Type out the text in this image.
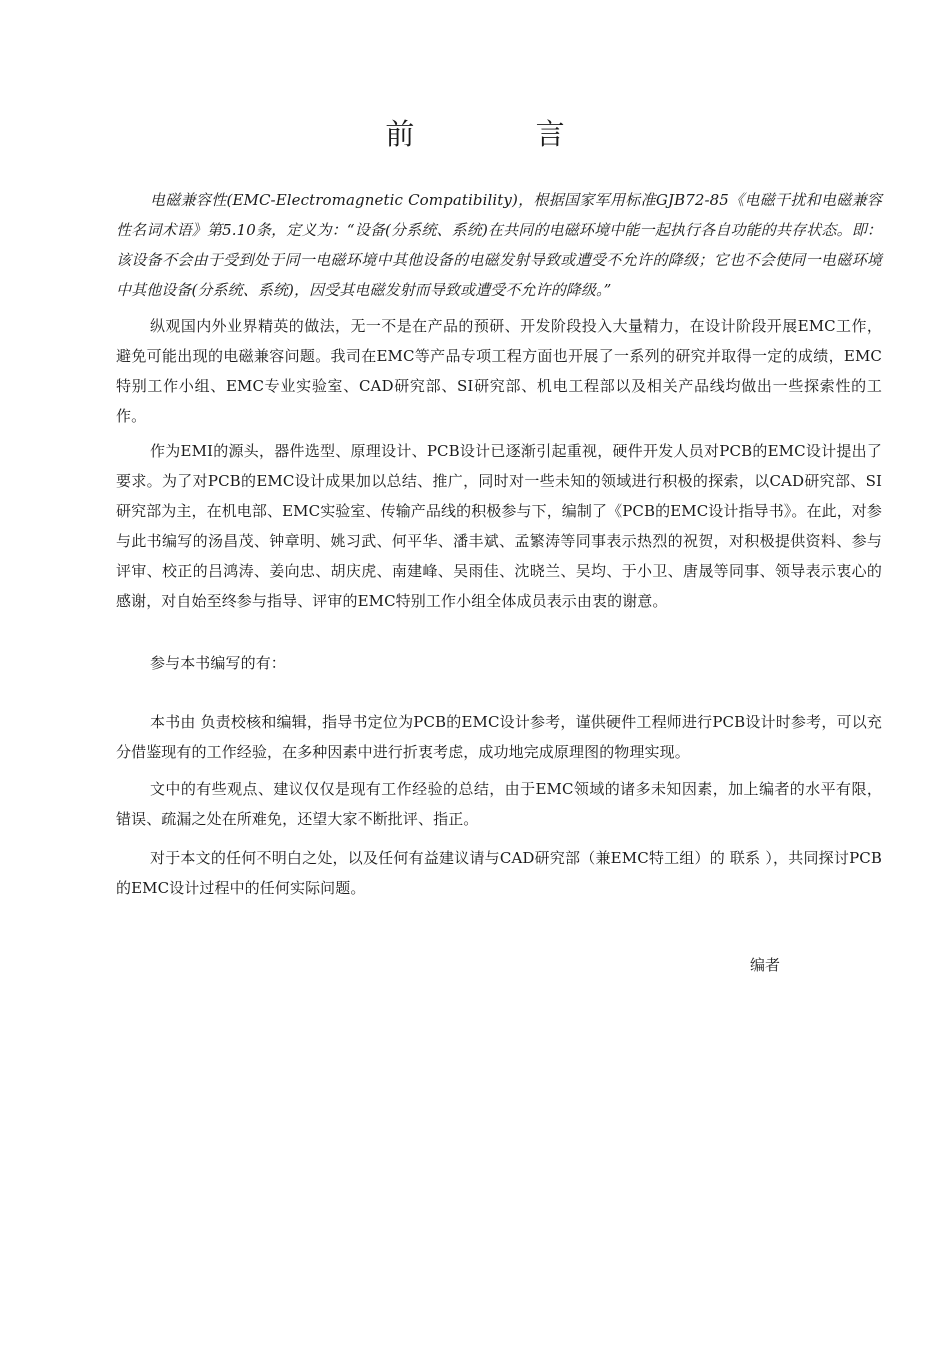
前 言

电磁兼容性(EMC-Electromagnetic Compatibility)，根据国家军用标准GJB72-85《电磁干扰和电磁兼容性名词术语》第5.10条，定义为：“设备(分系统、系统)在共同的电磁环境中能一起执行各自功能的共存状态。即：该设备不会由于受到处于同一电磁环境中其他设备的电磁发射导致或遭受不允许的降级；它也不会使同一电磁环境中其他设备(分系统、系统)，因受其电磁发射而导致或遭受不允许的降级。”

纵观国内外业界精英的做法，无一不是在产品的预研、开发阶段投入大量精力，在设计阶段开展EMC工作，避免可能出现的电磁兼容问题。我司在EMC等产品专项工程方面也开展了一系列的研究并取得一定的成绩，EMC特别工作小组、EMC专业实验室、CAD研究部、SI研究部、机电工程部以及相关产品线均做出一些探索性的工作。

作为EMI的源头，器件选型、原理设计、PCB设计已逐渐引起重视，硬件开发人员对PCB的EMC设计提出了要求。为了对PCB的EMC设计成果加以总结、推广，同时对一些未知的领域进行积极的探索，以CAD研究部、SI研究部为主，在机电部、EMC实验室、传输产品线的积极参与下，编制了《PCB的EMC设计指导书》。在此，对参与此书编写的汤昌茂、钟章明、姚习武、何平华、潘丰斌、孟繁涛等同事表示热烈的祝贺，对积极提供资料、参与评审、校正的吕鸿涛、姜向忠、胡庆虎、南建峰、吴雨佳、沈晓兰、吴均、于小卫、唐晟等同事、领导表示衷心的感谢，对自始至终参与指导、评审的EMC特别工作小组全体成员表示由衷的谢意。

参与本书编写的有：

本书由 负责校核和编辑，指导书定位为PCB的EMC设计参考，谨供硬件工程师进行PCB设计时参考，可以充分借鉴现有的工作经验，在多种因素中进行折衷考虑，成功地完成原理图的物理实现。

文中的有些观点、建议仅仅是现有工作经验的总结，由于EMC领域的诸多未知因素，加上编者的水平有限，错误、疏漏之处在所难免，还望大家不断批评、指正。

对于本文的任何不明白之处，以及任何有益建议请与CAD研究部（兼EMC特工组）的 联系 ），共同探讨PCB的EMC设计过程中的任何实际问题。

编者
